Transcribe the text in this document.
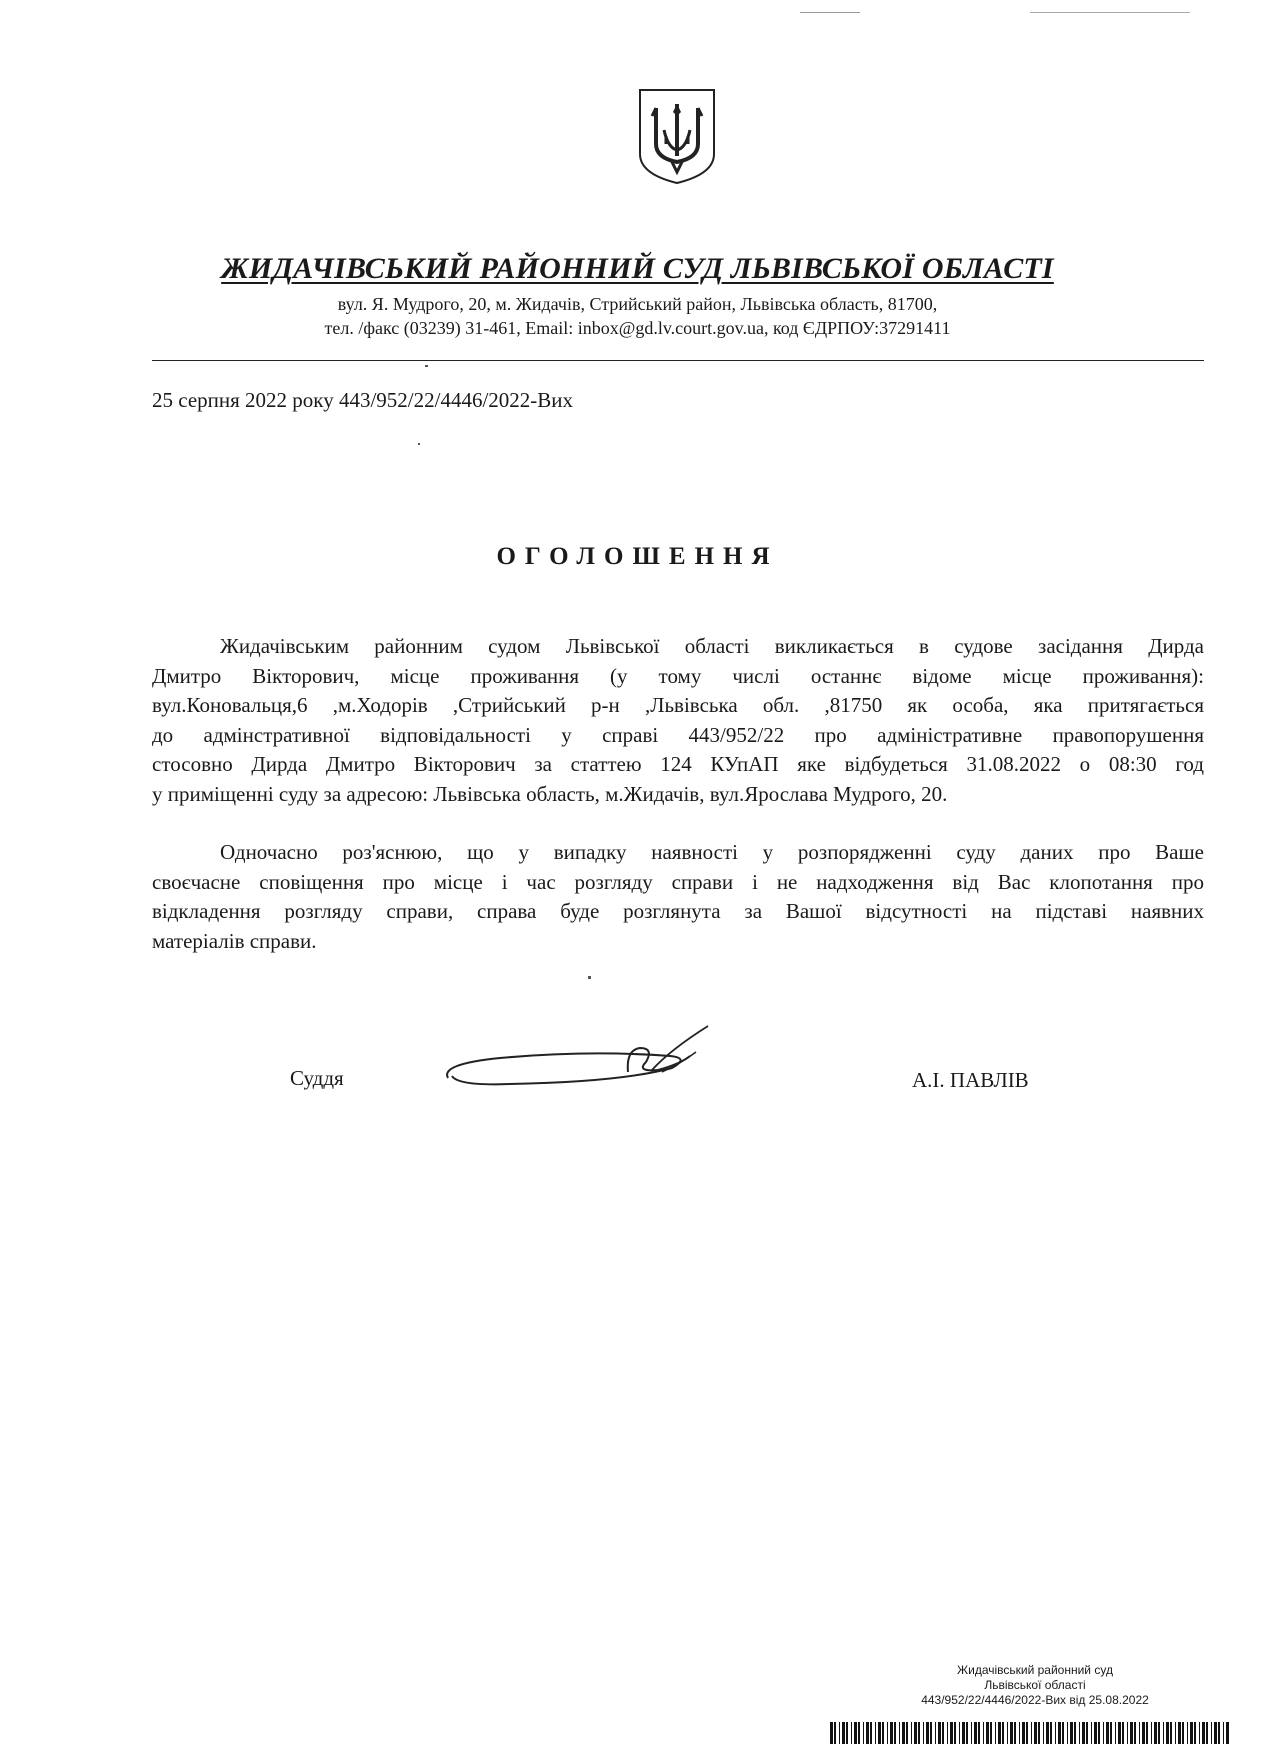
ЖИДАЧІВСЬКИЙ РАЙОННИЙ СУД ЛЬВІВСЬКОЇ ОБЛАСТІ
вул. Я. Мудрого, 20, м. Жидачів, Стрийський район, Львівська область, 81700,
тел. /факс (03239) 31-461, Email: inbox@gd.lv.court.gov.ua, код ЄДРПОУ:37291411
25 серпня 2022 року 443/952/22/4446/2022-Вих
ОГОЛОШЕННЯ
Жидачівським районним судом Львівської області викликається в судове засідання Дирда
Дмитро Вікторович, місце проживання (у тому числі останнє відоме місце проживання):
вул.Коновальця,6 ,м.Ходорів ,Стрийський р-н ,Львівська обл. ,81750 як особа, яка притягається
до адмінстративної відповідальності у справі 443/952/22 про адміністративне правопорушення
стосовно Дирда Дмитро Вікторович за статтею 124 КУпАП яке відбудеться 31.08.2022 о 08:30 год
у приміщенні суду за адресою: Львівська область, м.Жидачів, вул.Ярослава Мудрого, 20.
Одночасно роз'яснюю, що у випадку наявності у розпорядженні суду даних про Ваше
своєчасне сповіщення про місце і час розгляду справи і не надходження від Вас клопотання про
відкладення розгляду справи, справа буде розглянута за Вашої відсутності на підставі наявних
матеріалів справи.
Суддя	А.І. ПАВЛІВ
Жидачівський районний суд
Львівської області
443/952/22/4446/2022-Вих від 25.08.2022
